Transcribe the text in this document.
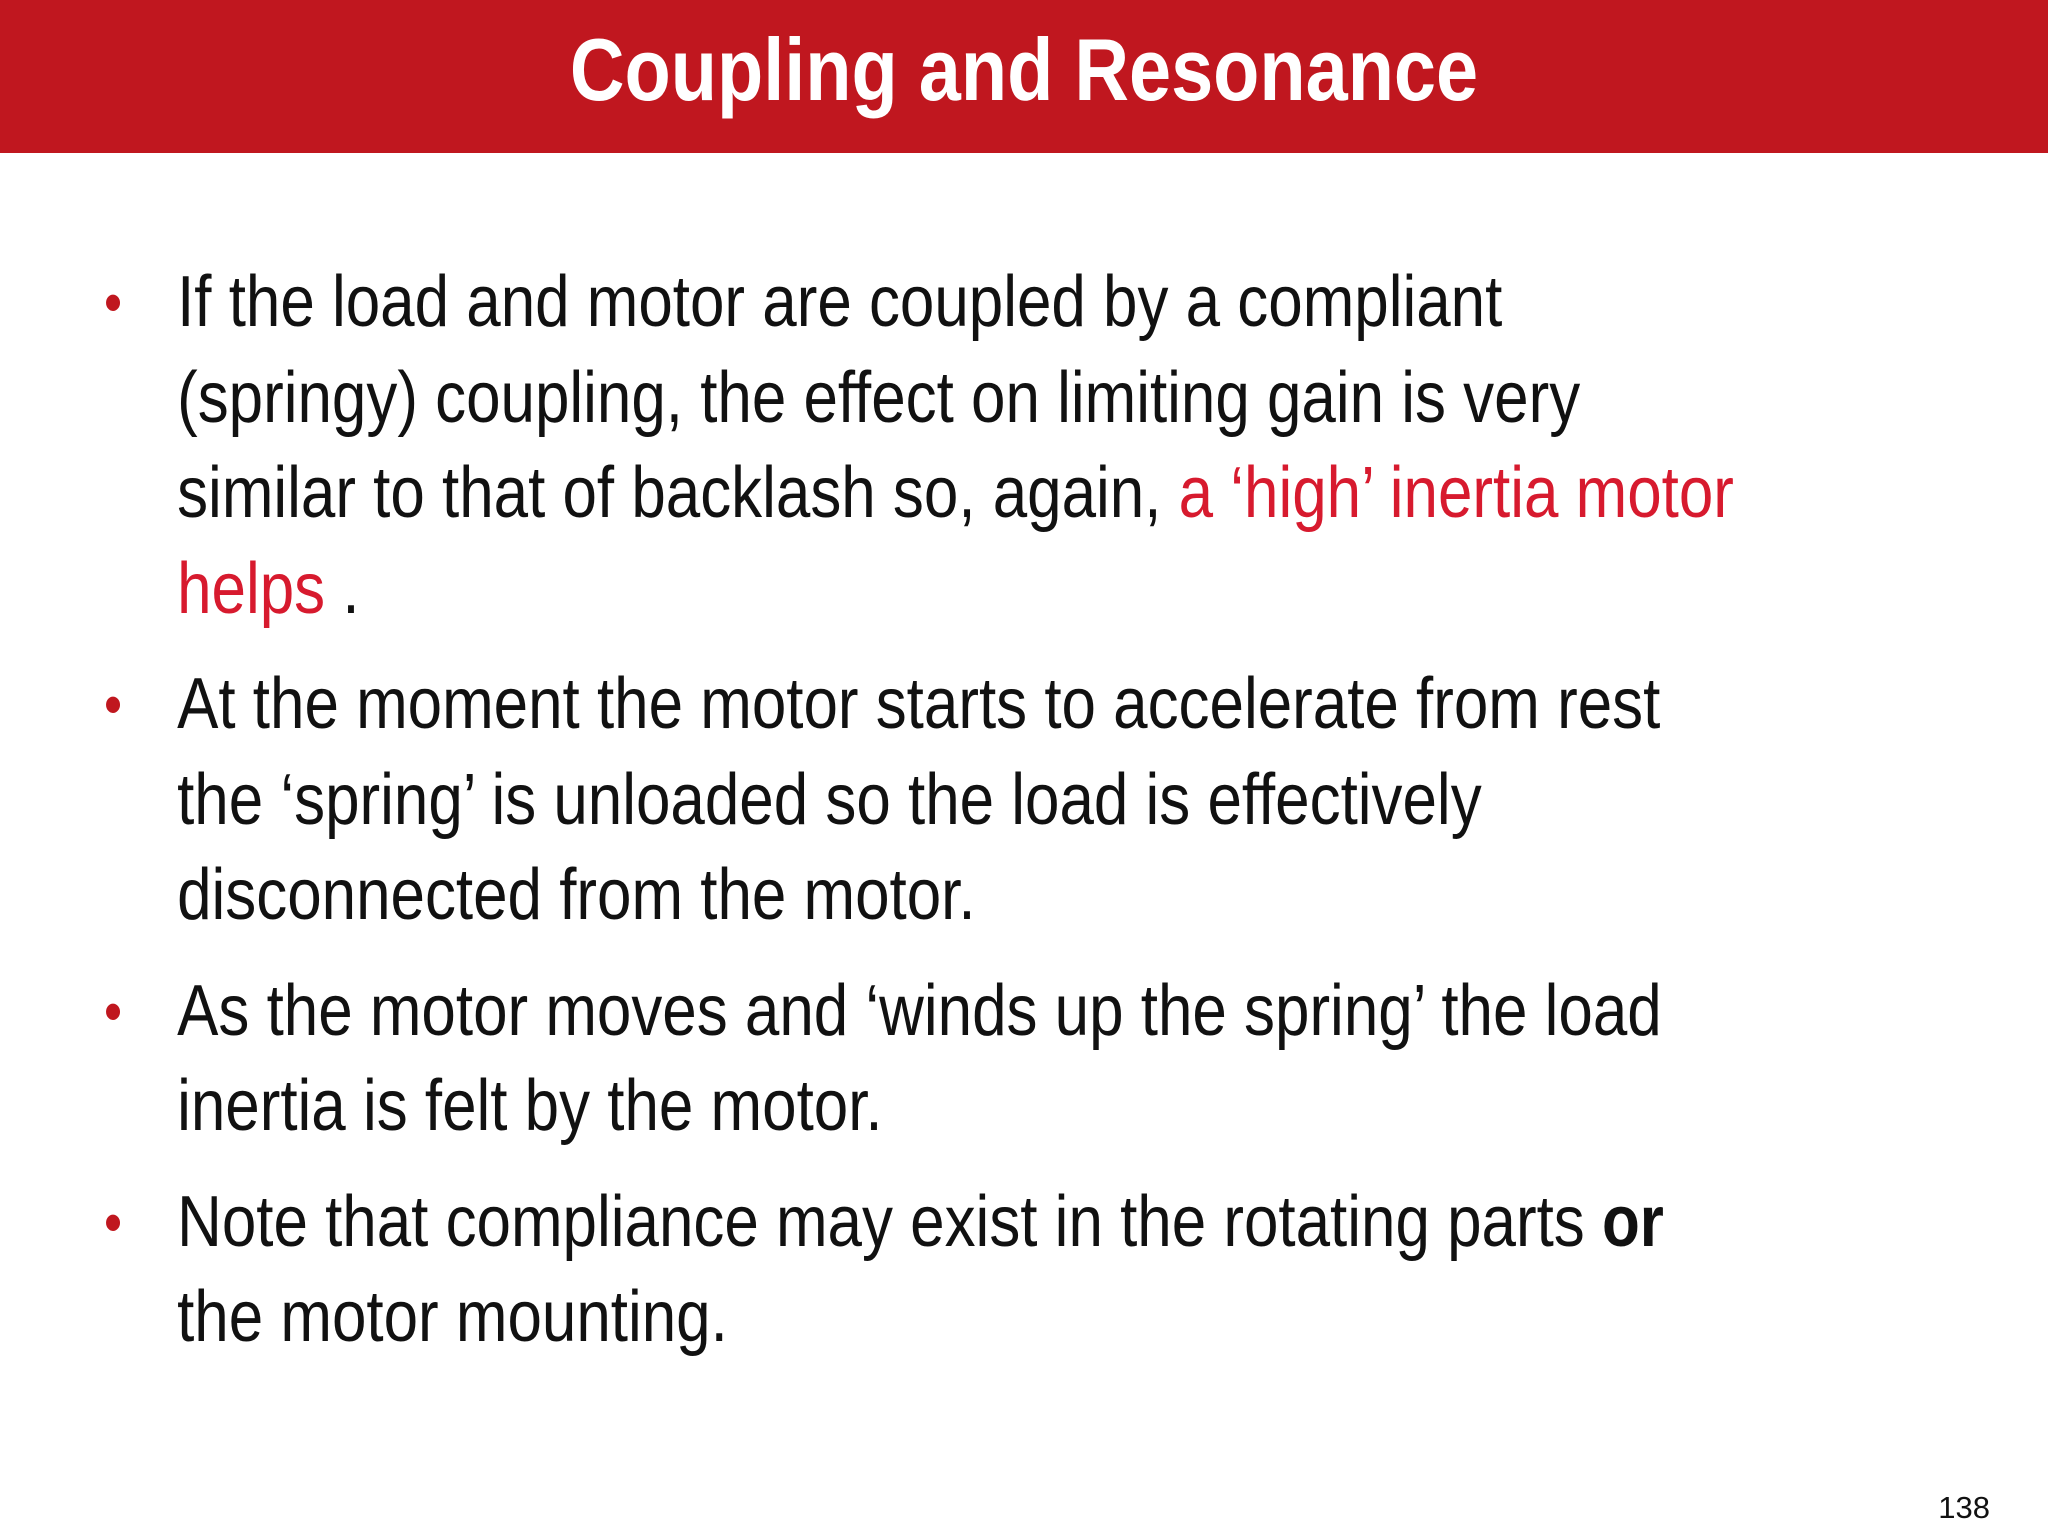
Coupling and Resonance
• If the load and motor are coupled by a compliant (springy) coupling, the effect on limiting gain is very similar to that of backlash so, again, a ‘high’ inertia motor helps .
• At the moment the motor starts to accelerate from rest the ‘spring’ is unloaded so the load is effectively disconnected from the motor.
• As the motor moves and ‘winds up the spring’ the load inertia is felt by the motor.
• Note that compliance may exist in the rotating parts or the motor mounting.
138
